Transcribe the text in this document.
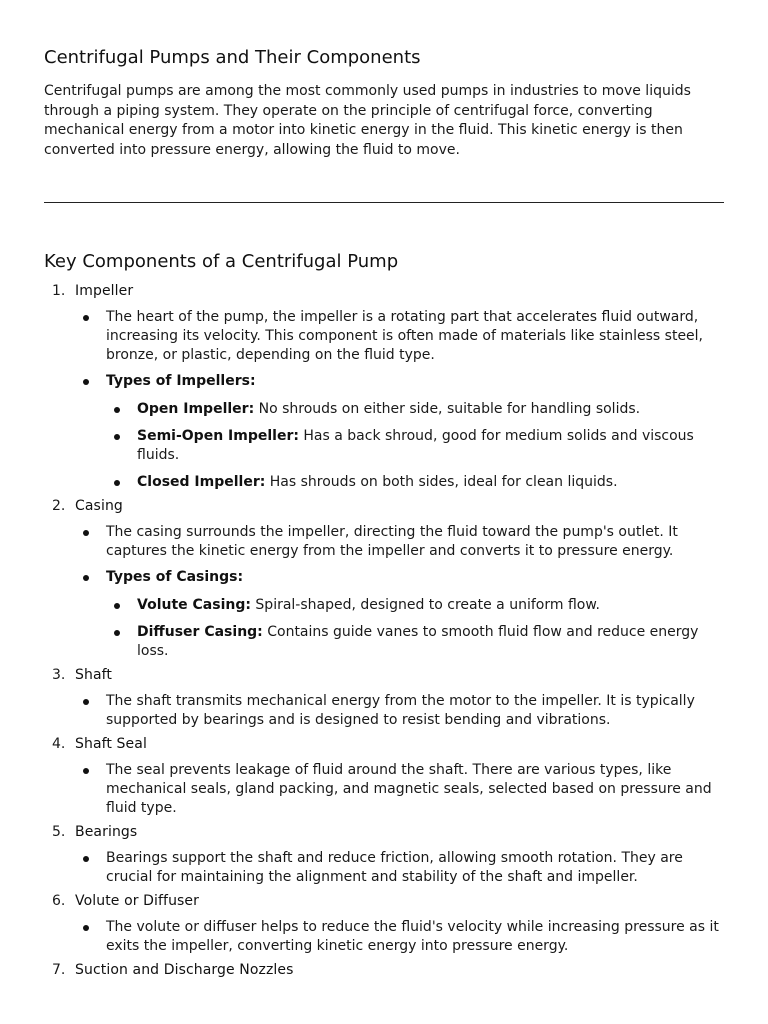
Centrifugal Pumps and Their Components

Centrifugal pumps are among the most commonly used pumps in industries to move liquids through a piping system. They operate on the principle of centrifugal force, converting mechanical energy from a motor into kinetic energy in the fluid. This kinetic energy is then converted into pressure energy, allowing the fluid to move.

Key Components of a Centrifugal Pump
1. Impeller
The heart of the pump, the impeller is a rotating part that accelerates fluid outward, increasing its velocity. This component is often made of materials like stainless steel, bronze, or plastic, depending on the fluid type.
Types of Impellers:
Open Impeller: No shrouds on either side, suitable for handling solids.
Semi-Open Impeller: Has a back shroud, good for medium solids and viscous fluids.
Closed Impeller: Has shrouds on both sides, ideal for clean liquids.
2. Casing
The casing surrounds the impeller, directing the fluid toward the pump's outlet. It captures the kinetic energy from the impeller and converts it to pressure energy.
Types of Casings:
Volute Casing: Spiral-shaped, designed to create a uniform flow.
Diffuser Casing: Contains guide vanes to smooth fluid flow and reduce energy loss.
3. Shaft
The shaft transmits mechanical energy from the motor to the impeller. It is typically supported by bearings and is designed to resist bending and vibrations.
4. Shaft Seal
The seal prevents leakage of fluid around the shaft. There are various types, like mechanical seals, gland packing, and magnetic seals, selected based on pressure and fluid type.
5. Bearings
Bearings support the shaft and reduce friction, allowing smooth rotation. They are crucial for maintaining the alignment and stability of the shaft and impeller.
6. Volute or Diffuser
The volute or diffuser helps to reduce the fluid's velocity while increasing pressure as it exits the impeller, converting kinetic energy into pressure energy.
7. Suction and Discharge Nozzles
